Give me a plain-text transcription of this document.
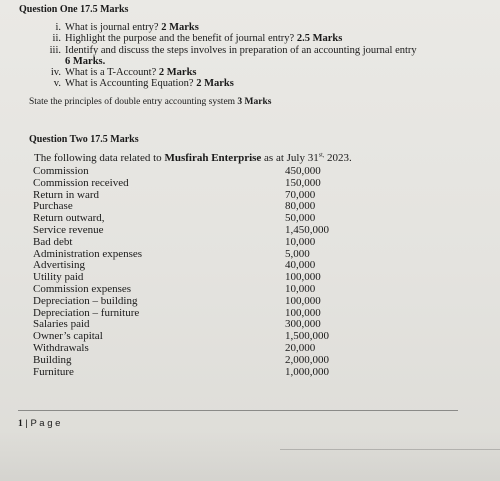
Question One 17.5 Marks
i. What is journal entry? 2 Marks
ii. Highlight the purpose and the benefit of journal entry? 2.5 Marks
iii. Identify and discuss the steps involves in preparation of an accounting journal entry
6 Marks.
iv. What is a T-Account? 2 Marks
v. What is Accounting Equation? 2 Marks
State the principles of double entry accounting system 3 Marks
Question Two 17.5 Marks
The following data related to Musfirah Enterprise as at July $31^{st,}$ 2023.
Commission	450,000
Commission received	150,000
Return in ward	70,000
Purchase	80,000
Return outward,	50,000
Service revenue	1,450,000
Bad debt	10,000
Administration expenses	5,000
Advertising	40,000
Utility paid	100,000
Commission expenses	10,000
Depreciation – building	100,000
Depreciation – furniture	100,000
Salaries paid	300,000
Owner’s capital	1,500,000
Withdrawals	20,000
Building	2,000,000
Furniture	1,000,000
1 | P a g e
